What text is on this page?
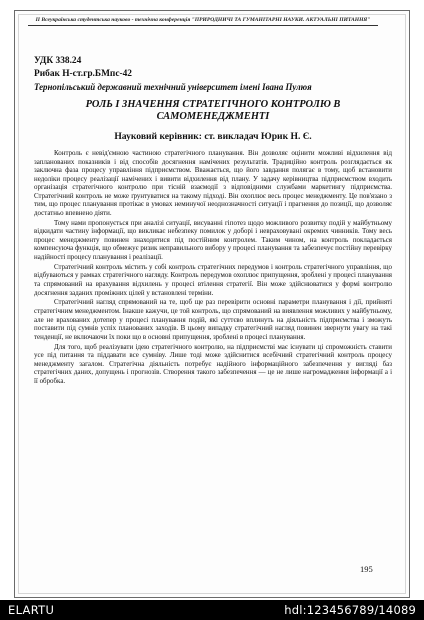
II Всеукраїнська студентська науково - технічна конференція "ПРИРОДНИЧІ ТА ГУМАНІТАРНІ НАУКИ. АКТУАЛЬНІ ПИТАННЯ"
УДК 338.24
Рибак Н-ст.гр.БМпс-42
Тернопільський державний технічний університет імені Івана Пулюя
РОЛЬ І ЗНАЧЕННЯ СТРАТЕГІЧНОГО КОНТРОЛЮ В САМОМЕНЕДЖМЕНТІ
Науковий керівник: ст. викладач Юрик Н. Є.

Контроль є невід'ємною частиною стратегічного планування. Він дозволяє оцінити можливі відхилення від запланованих показників і від способів досягнення намічених результатів. Традиційно контроль розглядається як заключна фаза процесу управління підприємством. Вважається, що його завдання полягає в тому, щоб встановити недоліки процесу реалізації намічених і вивити відхилення від плану. У задачу керівництва підприємством входить організація стратегічного контролю при тісній взаємодії з відповідними службами маркетингу підприємства. Стратегічний контроль не може ґрунтуватися на такому підході. Він охоплює весь процес менеджменту. Це пов'язано з тим, що процес планування протікає в умовах неминучої неоднозначності ситуації і прагнення до позиції, що дозволяє достатньо впевнено діяти.

Тому нами пропонується при аналізі ситуації, висуванні гіпотез щодо можливого розвитку подій у майбутньому відкидати частину інформації, що викликає небезпеку помилок у доборі і невраховувані окремих чинників. Тому весь процес менеджменту повинен знаходитися під постійним контролем. Таким чином, на контроль покладається компенсуюча функція, що обмежує ризик неправильного вибору у процесі планування та забезпечує постійну перевірку надійності процесу планування і реалізації.

Стратегічний контроль містить у собі контроль стратегічних передумов і контроль стратегічного управління, що відбуваються у рамках стратегічного нагляду. Контроль передумов охоплює припущення, зроблені у процесі планування та спрямований на врахування відхилень у процесі втілення стратегії. Він може здійснюватися у формі контролю досягнення заданих проміжних цілей у встановлені терміни.

Стратегічний нагляд спрямований на те, щоб ще раз перевірити основні параметри планування і дії, прийняті стратегічним менеджментом. Інакше кажучи, це той контроль, що спрямований на виявлення можливих у майбутньому, але не врахованих дотепер у процесі планування подій, які суттєво вплинуть на діяльність підприємства і зможуть поставити під сумнів успіх планованих заходів. В цьому випадку стратегічний нагляд повинен звернути увагу на такі тенденції, не включаючи їх поки що в основні припущення, зроблені в процесі планування.

Для того, щоб реалізувати ідею стратегічного контролю, на підприємстві має існувати ці спроможність ставити усе під питання та піддавати все сумніву. Лише тоді може здійснитися всебічний стратегічний контроль процесу менеджменту загалом. Стратегічна діяльність потребує надійного інформаційного забезпечення у вигляді баз стратегічних даних, допущень і прогнозів. Створення такого забезпечення — це не лише нагромадження інформації а і її обробка.

195
ELARTU	hdl:123456789/14089
